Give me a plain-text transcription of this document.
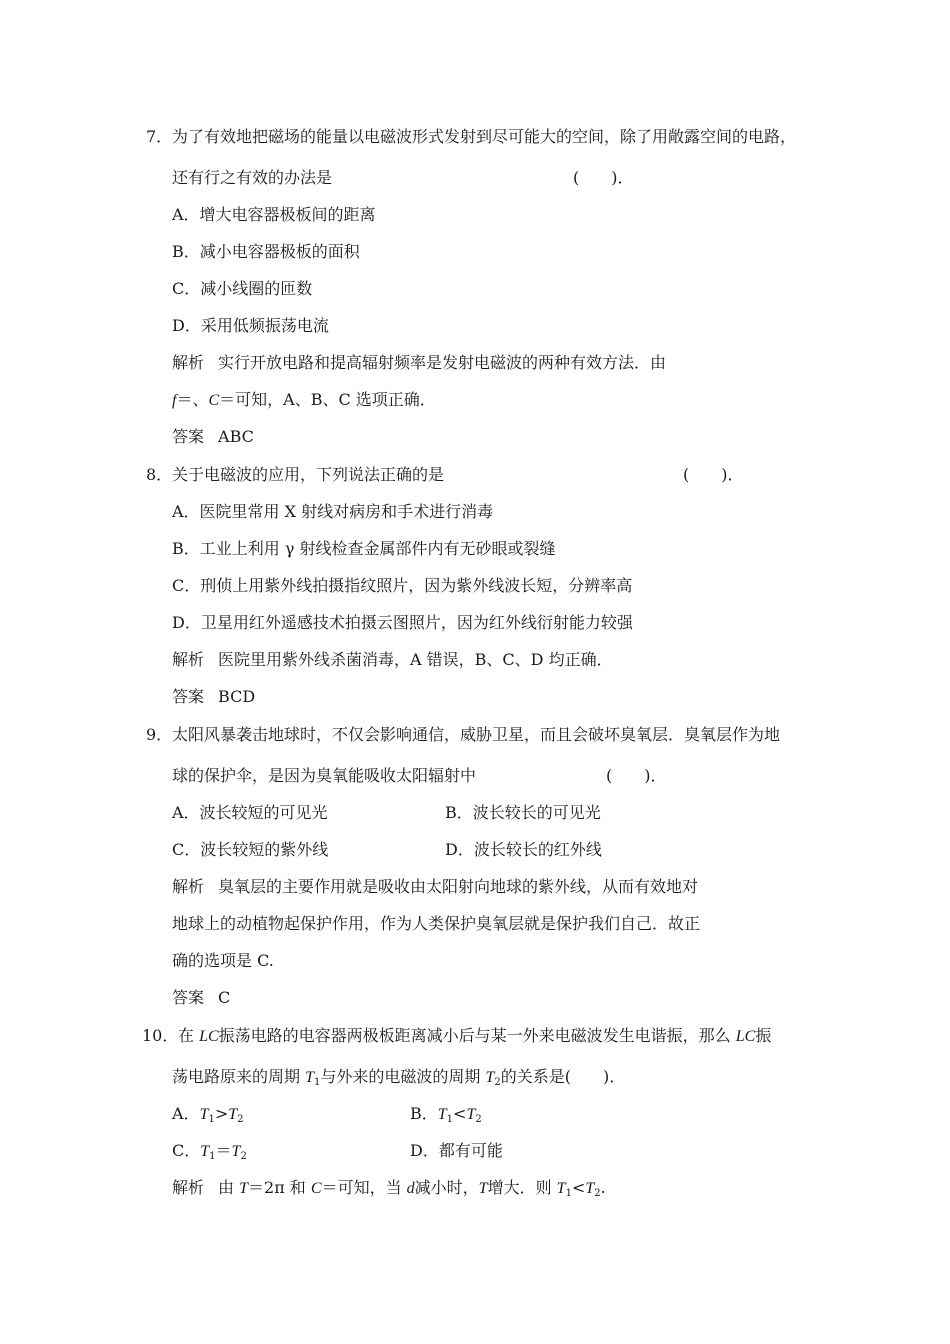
7． 为了有效地把磁场的能量以电磁波形式发射到尽可能大的空间，除了用敞露空间的电路，
还有行之有效的办法是	(　　)．
A．增大电容器极板间的距离
B．减小电容器极板的面积
C．减小线圈的匝数
D．采用低频振荡电流
解析 实行开放电路和提高辐射频率是发射电磁波的两种有效方法．由
f＝、C＝可知，A、B、C 选项正确．
答案 ABC
8． 关于电磁波的应用，下列说法正确的是	(　　)．
A．医院里常用 X 射线对病房和手术进行消毒
B．工业上利用 γ 射线检查金属部件内有无砂眼或裂缝
C．刑侦上用紫外线拍摄指纹照片，因为紫外线波长短，分辨率高
D．卫星用红外遥感技术拍摄云图照片，因为红外线衍射能力较强
解析 医院里用紫外线杀菌消毒，A 错误，B、C、D 均正确．
答案 BCD
9． 太阳风暴袭击地球时，不仅会影响通信，威胁卫星，而且会破坏臭氧层．臭氧层作为地
球的保护伞，是因为臭氧能吸收太阳辐射中	(　　)．
A．波长较短的可见光	B．波长较长的可见光
C．波长较短的紫外线	D．波长较长的红外线
解析 臭氧层的主要作用就是吸收由太阳射向地球的紫外线，从而有效地对
地球上的动植物起保护作用，作为人类保护臭氧层就是保护我们自己．故正
确的选项是 C.
答案 C
10． 在 LC振荡电路的电容器两极板距离减小后与某一外来电磁波发生电谐振，那么 LC振
荡电路原来的周期 $T_1$与外来的电磁波的周期 $T_2$的关系是(　　)．
A．$T_1>T_2$	B．$T_1<T_2$
C．$T_1=T_2$	D．都有可能
解析 由 T＝2π 和 C＝可知，当 d减小时，T增大．则 $T_1<T_2$.
